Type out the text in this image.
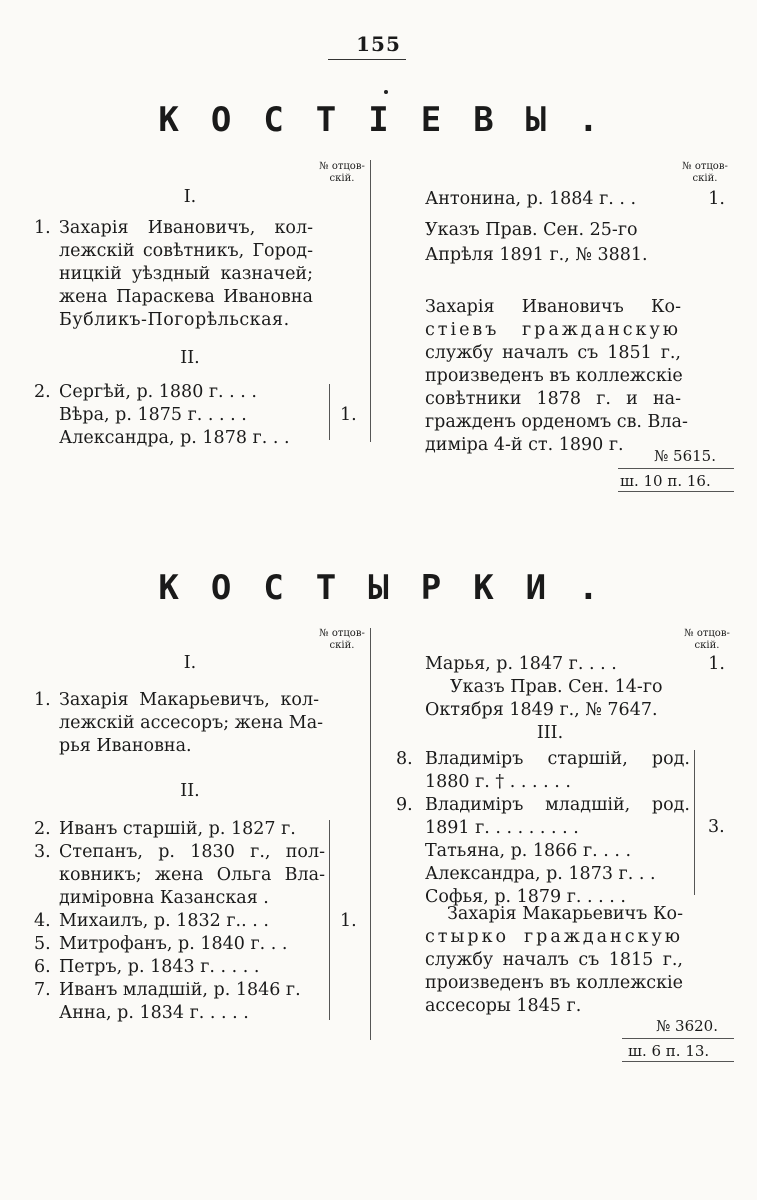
155
КОСТІЕВЫ.
№ отцов-
скій.
№ отцов-
скій.
I.
1. Захарія Ивановичъ, кол-
лежскій совѣтникъ, Город-
ницкій уѣздный казначей;
жена Параскева Ивановна
Бубликъ-Погорѣльская.
II.
2. Сергѣй, р. 1880 г. . . .
Вѣра, р. 1875 г. . . . .
Александра, р. 1878 г. . .
1.
Антонина, р. 1884 г. . .	1.
Указъ Прав. Сен. 25-го
Апрѣля 1891 г., № 3881.
Захарія Ивановичъ Ко-
стіевъ гражданскую
службу началъ съ 1851 г.,
произведенъ въ коллежскіе
совѣтники 1878 г. и на-
гражденъ орденомъ св. Вла-
диміра 4-й ст. 1890 г.
№ 5615.
ш. 10 п. 16.
КОСТЫРКИ.
№ отцов-
скій.
№ отцов-
скій.
I.
1. Захарія Макарьевичъ, кол-
лежскій ассесоръ; жена Ма-
рья Ивановна.
II.
2. Иванъ старшій, р. 1827 г.
3. Степанъ, р. 1830 г., пол-
ковникъ; жена Ольга Вла-
диміровна Казанская .
4. Михаилъ, р. 1832 г.. . .
5. Митрофанъ, р. 1840 г. . .
6. Петръ, р. 1843 г. . . . .
7. Иванъ младшій, р. 1846 г.
Анна, р. 1834 г. . . . .
1.
Марья, р. 1847 г. . . .	1.
Указъ Прав. Сен. 14-го
Октября 1849 г., № 7647.
III.
8. Владиміръ старшій, род.
1880 г. † . . . . . .
9. Владиміръ младшій, род.
1891 г. . . . . . . . .
Татьяна, р. 1866 г. . . .
Александра, р. 1873 г. . .
Софья, р. 1879 г. . . . .
3.
Захарія Макарьевичъ Ко-
стырко гражданскую
службу началъ съ 1815 г.,
произведенъ въ коллежскіе
ассесоры 1845 г.
№ 3620.
ш. 6 п. 13.
